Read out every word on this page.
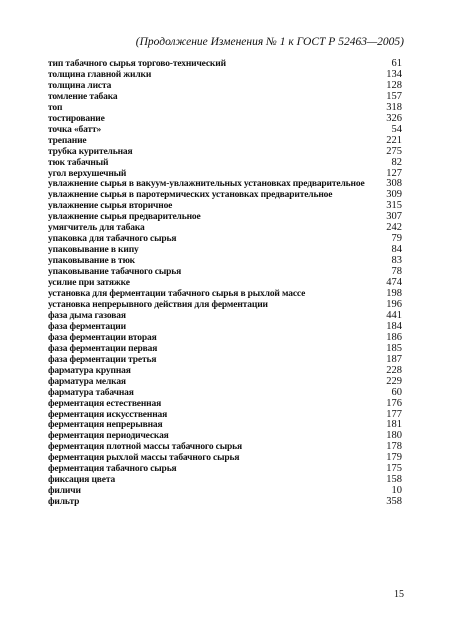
(Продолжение Изменения № 1 к ГОСТ Р 52463—2005)
тип табачного сырья торгово-технический	61
толщина главной жилки	134
толщина листа	128
томление табака	157
топ	318
тостирование	326
точка «батт»	54
трепание	221
трубка курительная	275
тюк табачный	82
угол верхушечный	127
увлажнение сырья в вакуум-увлажнительных установках предварительное	308
увлажнение сырья в паротермических установках предварительное	309
увлажнение сырья вторичное	315
увлажнение сырья предварительное	307
умягчитель для табака	242
упаковка для табачного сырья	79
упаковывание в кипу	84
упаковывание в тюк	83
упаковывание табачного сырья	78
усилие при затяжке	474
установка для ферментации табачного сырья в рыхлой массе	198
установка непрерывного действия для ферментации	196
фаза дыма газовая	441
фаза ферментации	184
фаза ферментации вторая	186
фаза ферментации первая	185
фаза ферментации третья	187
фарматура крупная	228
фарматура мелкая	229
фарматура табачная	60
ферментация естественная	176
ферментация искусственная	177
ферментация непрерывная	181
ферментация периодическая	180
ферментация плотной массы табачного сырья	178
ферментация рыхлой массы табачного сырья	179
ферментация табачного сырья	175
фиксация цвета	158
филичи	10
фильтр	358
15
